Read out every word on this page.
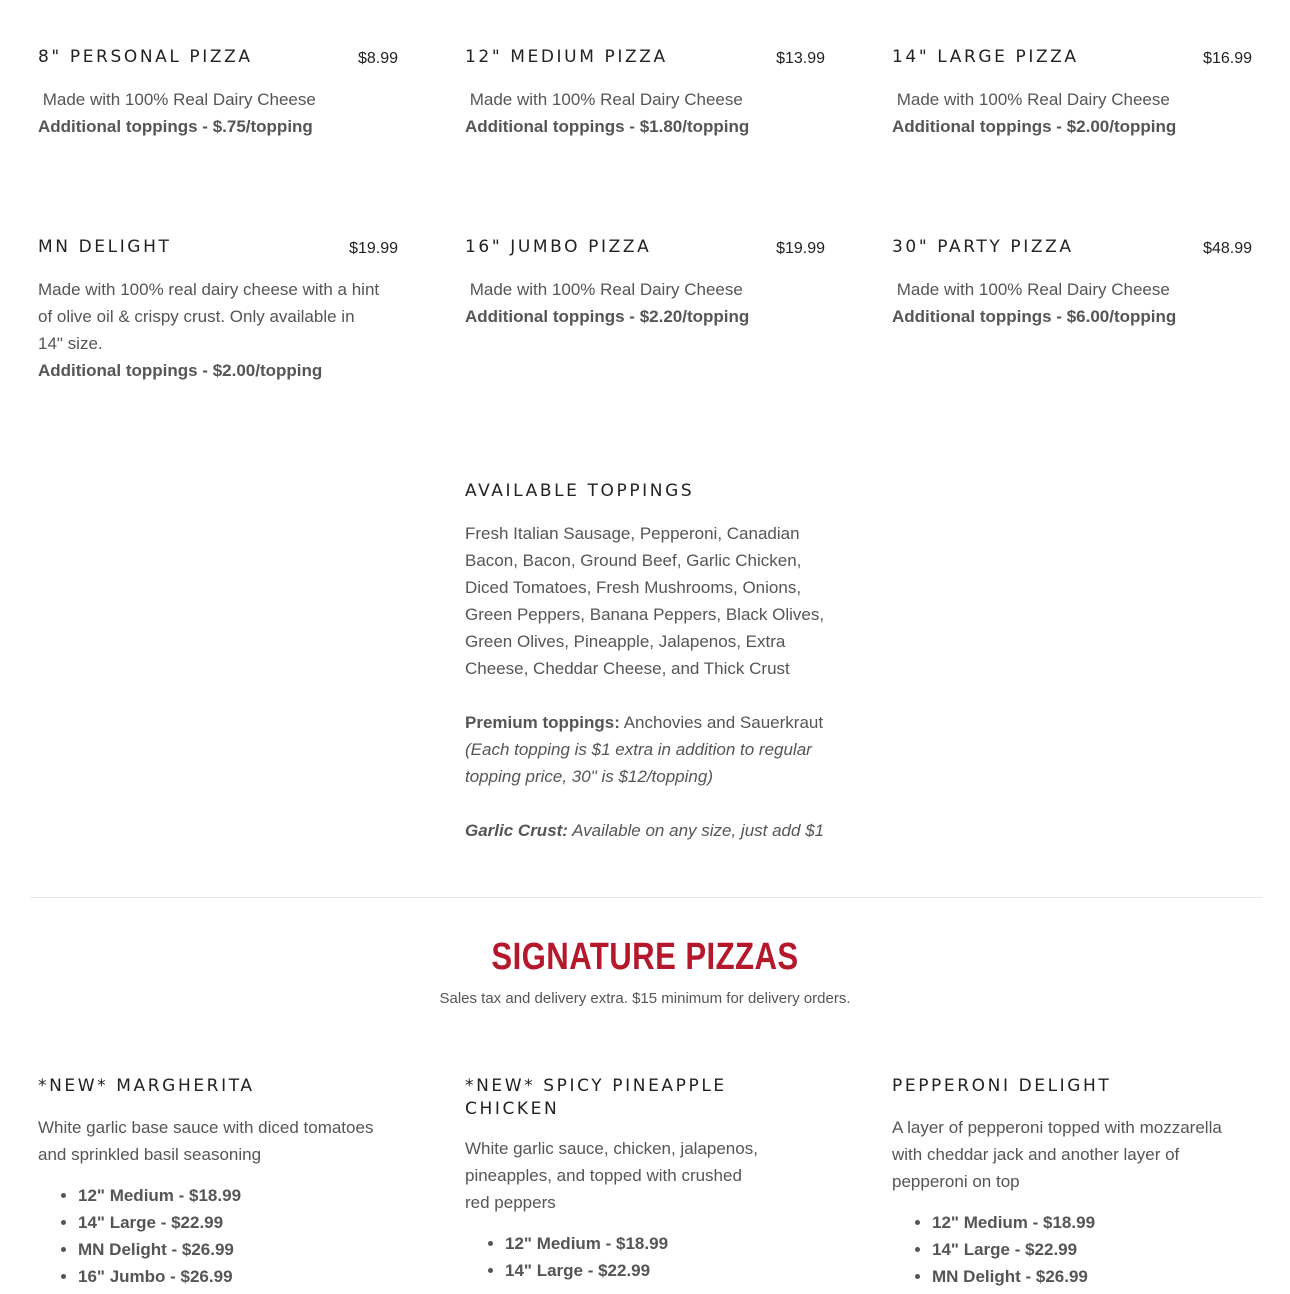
8" PERSONAL PIZZA	$8.99
Made with 100% Real Dairy Cheese
Additional toppings - $.75/topping
12" MEDIUM PIZZA	$13.99
Made with 100% Real Dairy Cheese
Additional toppings - $1.80/topping
14" LARGE PIZZA	$16.99
Made with 100% Real Dairy Cheese
Additional toppings - $2.00/topping
MN DELIGHT	$19.99
Made with 100% real dairy cheese with a hint of olive oil & crispy crust. Only available in 14" size.
Additional toppings - $2.00/topping
16" JUMBO PIZZA	$19.99
Made with 100% Real Dairy Cheese
Additional toppings - $2.20/topping
30" PARTY PIZZA	$48.99
Made with 100% Real Dairy Cheese
Additional toppings - $6.00/topping
AVAILABLE TOPPINGS

Fresh Italian Sausage, Pepperoni, Canadian Bacon, Bacon, Ground Beef, Garlic Chicken, Diced Tomatoes, Fresh Mushrooms, Onions, Green Peppers, Banana Peppers, Black Olives, Green Olives, Pineapple, Jalapenos, Extra Cheese, Cheddar Cheese, and Thick Crust

Premium toppings: Anchovies and Sauerkraut

(Each topping is $1 extra in addition to regular topping price, 30" is $12/topping)

Garlic Crust: Available on any size, just add $1

SIGNATURE PIZZAS
Sales tax and delivery extra. $15 minimum for delivery orders.
*NEW* MARGHERITA
White garlic base sauce with diced tomatoes and sprinkled basil seasoning
• 12" Medium - $18.99
• 14" Large - $22.99
• MN Delight - $26.99
• 16" Jumbo - $26.99
*NEW* SPICY PINEAPPLE CHICKEN
White garlic sauce, chicken, jalapenos, pineapples, and topped with crushed red peppers
• 12" Medium - $18.99
• 14" Large - $22.99
PEPPERONI DELIGHT
A layer of pepperoni topped with mozzarella with cheddar jack and another layer of pepperoni on top
• 12" Medium - $18.99
• 14" Large - $22.99
• MN Delight - $26.99
